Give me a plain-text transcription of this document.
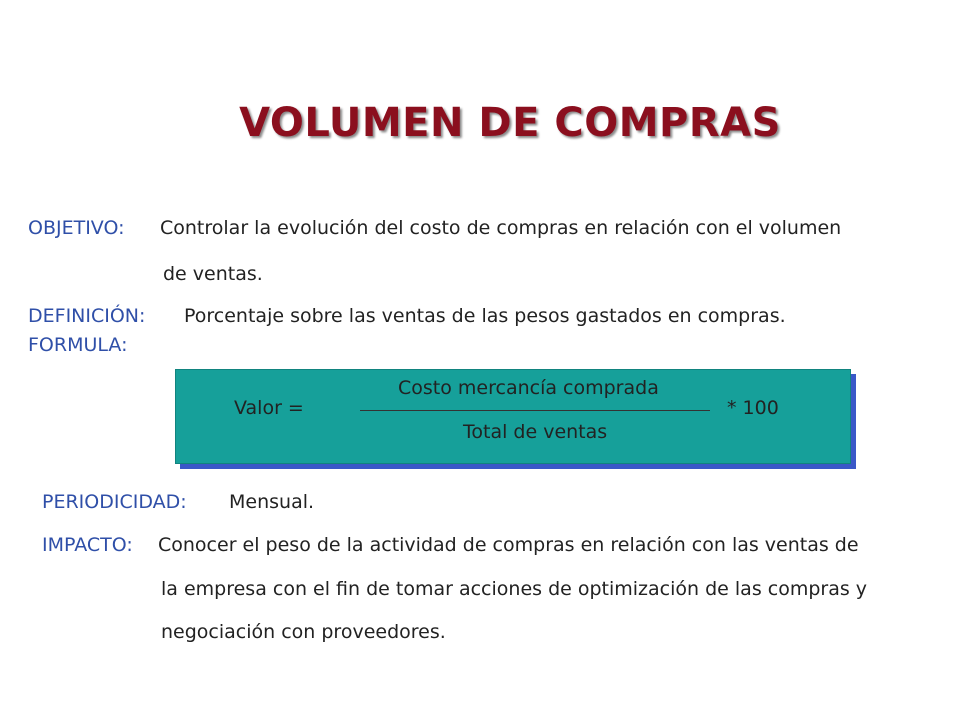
VOLUMEN DE COMPRAS
OBJETIVO: Controlar la evolución del costo de compras en relación con el volumen
de ventas.
DEFINICIÓN: Porcentaje sobre las ventas de las pesos gastados en compras.
FORMULA:
Valor =
Costo mercancía comprada
Total de ventas
* 100
PERIODICIDAD: Mensual.
IMPACTO: Conocer el peso de la actividad de compras en relación con las ventas de
la empresa con el fin de tomar acciones de optimización de las compras y
negociación con proveedores.
